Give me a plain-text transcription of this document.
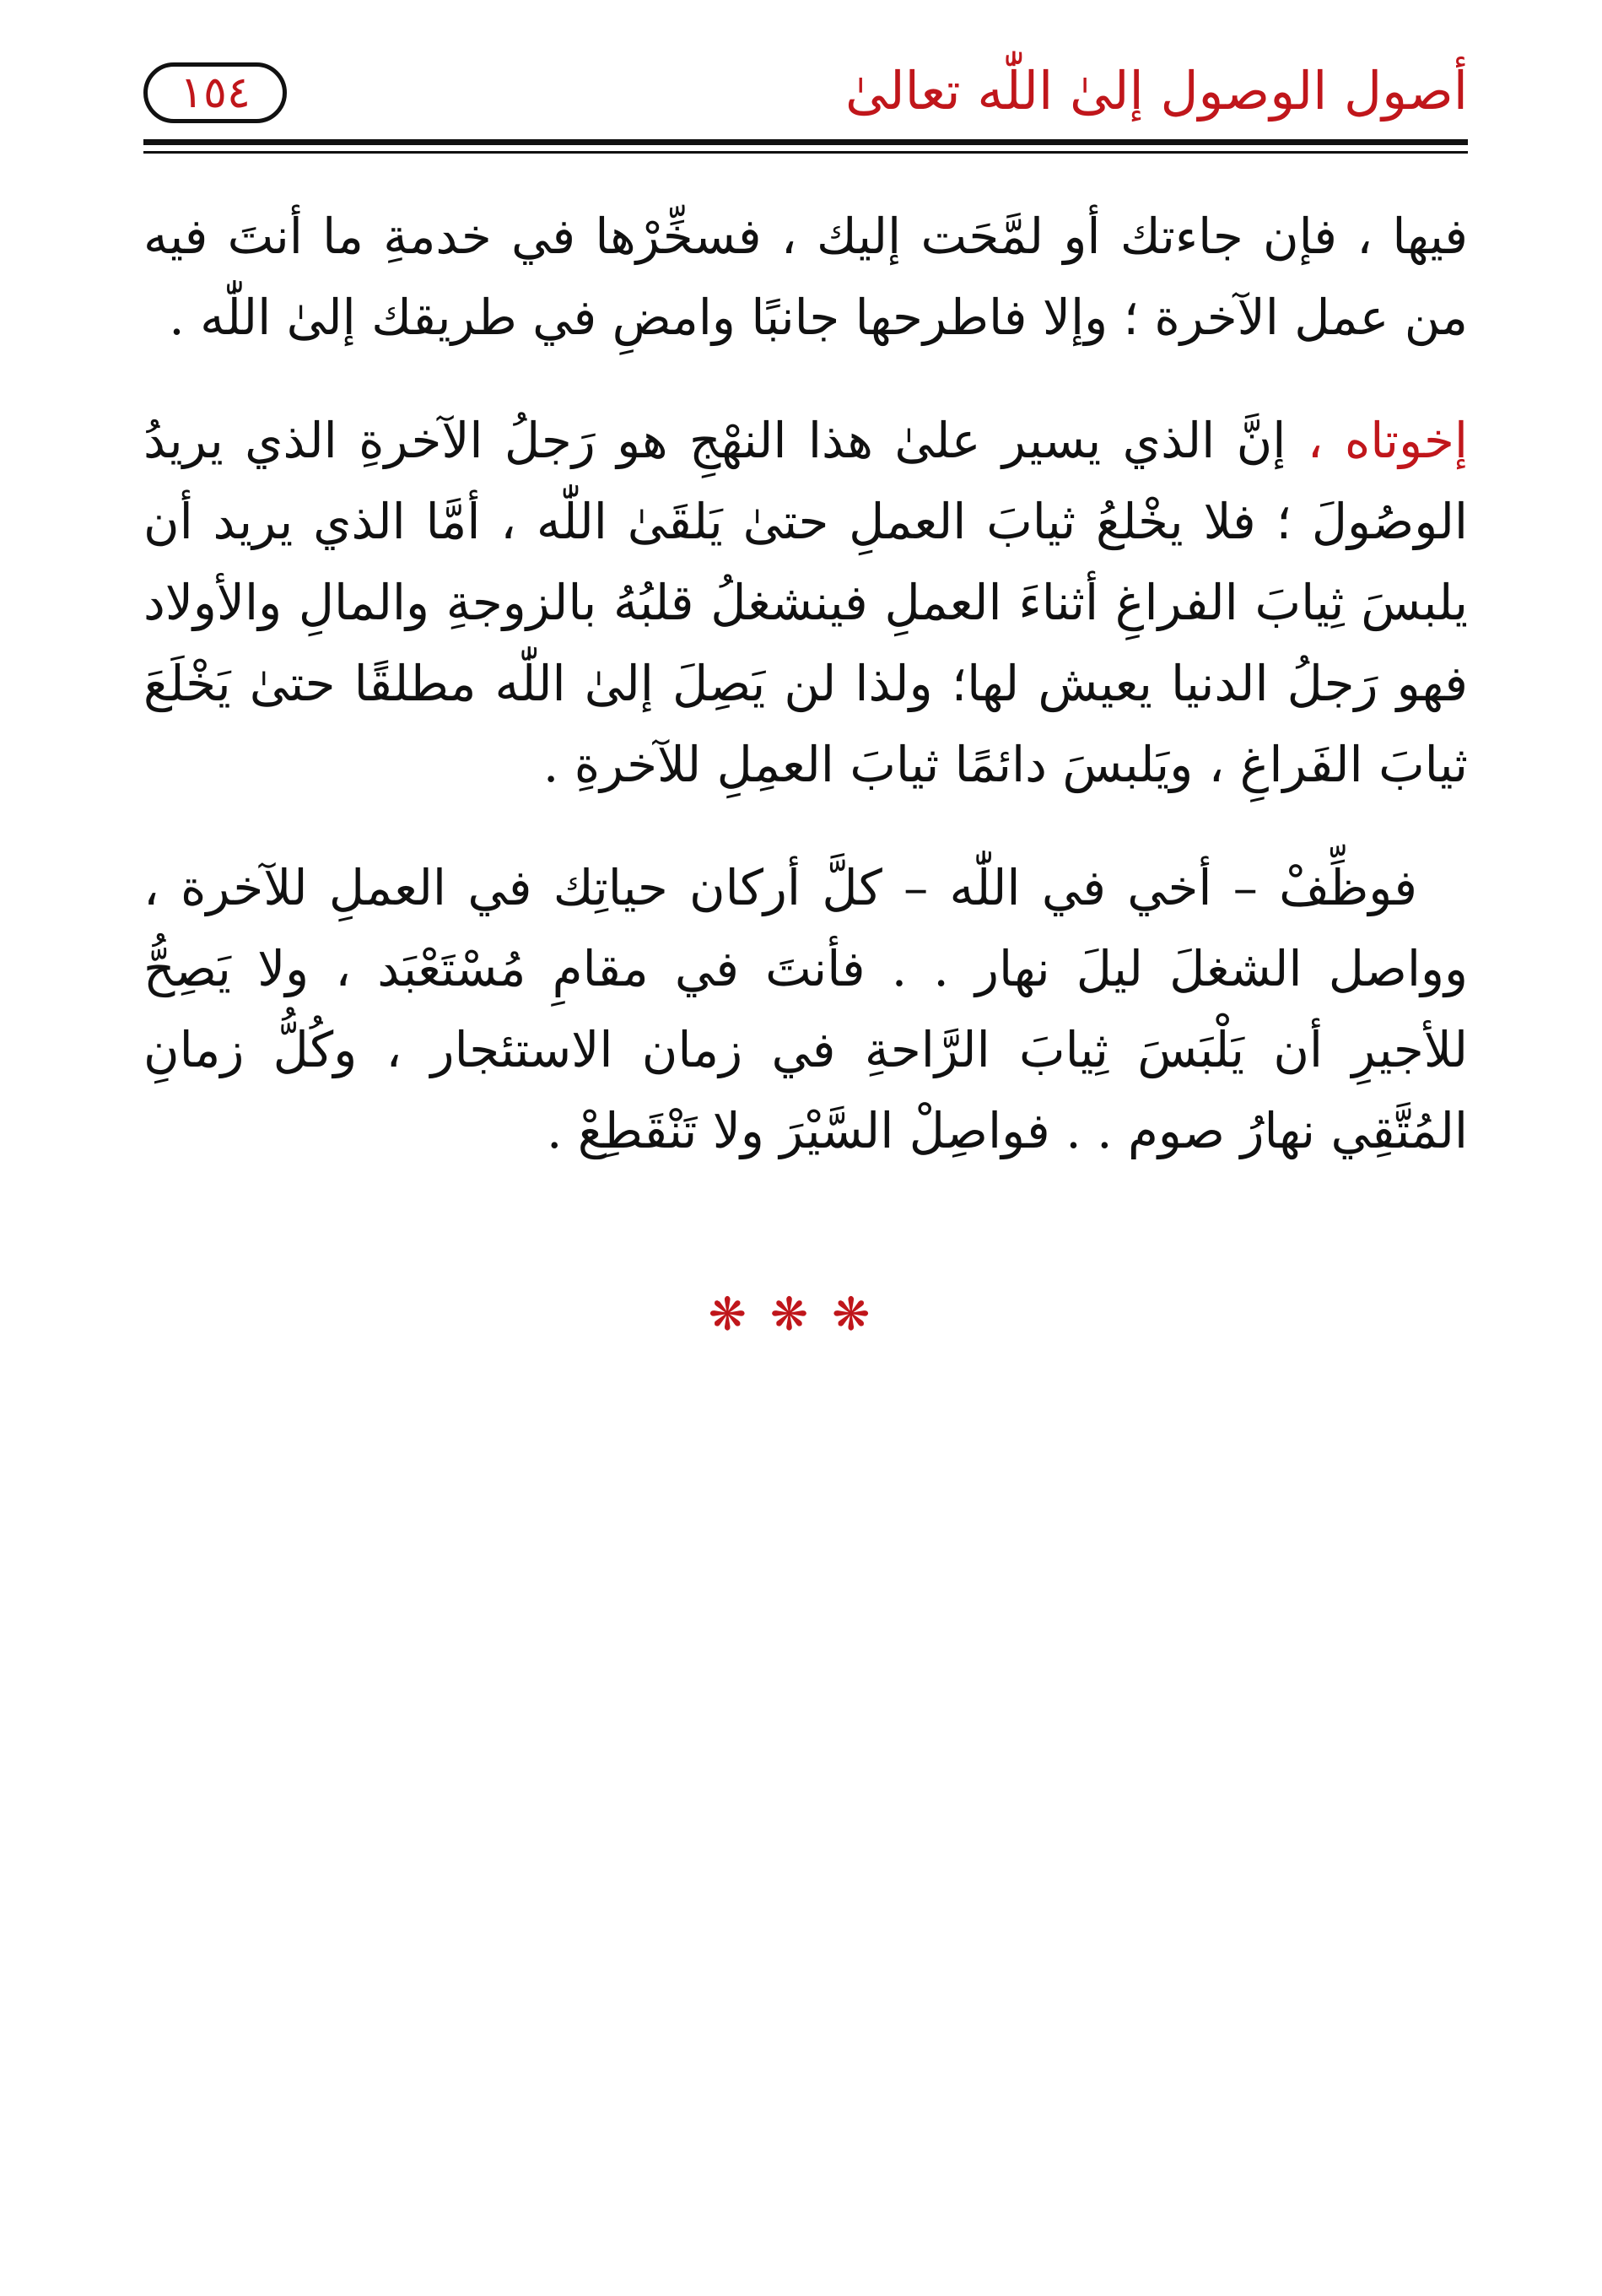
أصول الوصول إلىٰ اللّٰه تعالىٰ
١٥٤

فيها ، فإن جاءتك أو لمَّحَت إليك ، فسخِّرْها في خدمةِ ما أنتَ فيه من عمل الآخرة ؛ وإلا فاطرحها جانبًا وامضِ في طريقك إلىٰ اللّٰه .

إخوتاه ، إنَّ الذي يسير علىٰ هذا النهْجِ هو رَجلُ الآخرةِ الذي يريدُ الوصُولَ ؛ فلا يخْلعُ ثيابَ العملِ حتىٰ يَلقَىٰ اللّٰه ، أمَّا الذي يريد أن يلبسَ ثِيابَ الفراغِ أثناءَ العملِ فينشغلُ قلبُهُ بالزوجةِ والمالِ والأولاد فهو رَجلُ الدنيا يعيش لها؛ ولذا لن يَصِلَ إلىٰ اللّٰه مطلقًا حتىٰ يَخْلَعَ ثيابَ الفَراغِ ، ويَلبسَ دائمًا ثيابَ العمِلِ للآخرةِ .

فوظِّفْ – أخي في اللّٰه – كلَّ أركان حياتِك في العملِ للآخرة ، وواصل الشغلَ ليلَ نهار . . فأنتَ في مقامِ مُسْتَعْبَد ، ولا يَصِحُّ للأجيرِ أن يَلْبَسَ ثِيابَ الرَّاحةِ في زمان الاستئجار ، وكُلُّ زمانِ المُتَّقِي نهارُ صوم . . فواصِلْ السَّيْرَ ولا تَنْقَطِعْ .

❋❋❋
